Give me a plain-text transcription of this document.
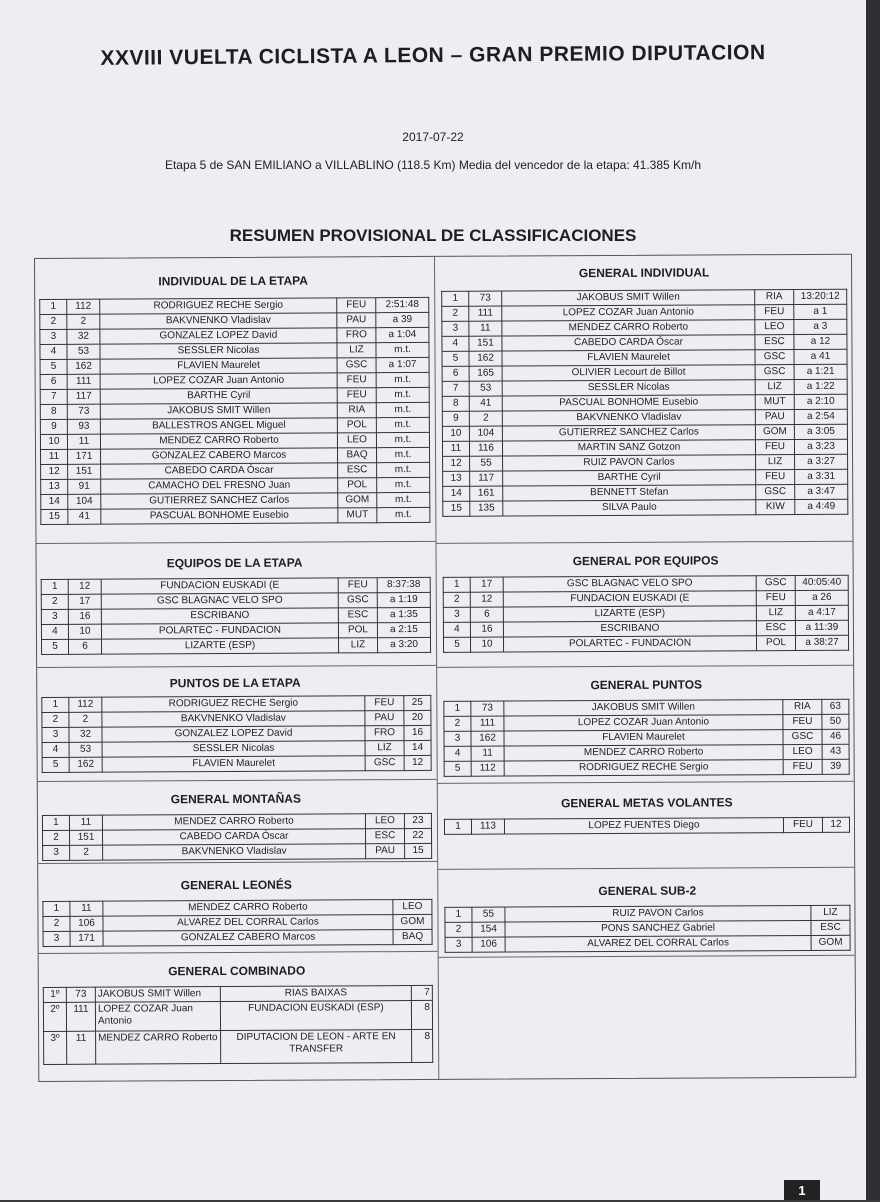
XXVIII VUELTA CICLISTA A LEON – GRAN PREMIO DIPUTACION
2017-07-22
Etapa 5 de SAN EMILIANO a VILLABLINO (118.5 Km) Media del vencedor de la etapa: 41.385 Km/h
RESUMEN PROVISIONAL DE CLASSIFICACIONES
INDIVIDUAL DE LA ETAPA
1	112	RODRIGUEZ RECHE Sergio	FEU	2:51:48
2	2	BAKVNENKO Vladislav	PAU	a 39
3	32	GONZALEZ LOPEZ David	FRO	a 1:04
4	53	SESSLER Nicolas	LIZ	m.t.
5	162	FLAVIEN Maurelet	GSC	a 1:07
6	111	LOPEZ COZAR Juan Antonio	FEU	m.t.
7	117	BARTHE Cyril	FEU	m.t.
8	73	JAKOBUS SMIT Willen	RIA	m.t.
9	93	BALLESTROS ANGEL Miguel	POL	m.t.
10	11	MENDEZ CARRO Roberto	LEO	m.t.
11	171	GONZALEZ CABERO Marcos	BAQ	m.t.
12	151	CABEDO CARDA Óscar	ESC	m.t.
13	91	CAMACHO DEL FRESNO Juan	POL	m.t.
14	104	GUTIERREZ SANCHEZ Carlos	GOM	m.t.
15	41	PASCUAL BONHOME Eusebio	MUT	m.t.
GENERAL INDIVIDUAL
1	73	JAKOBUS SMIT Willen	RIA	13:20:12
2	111	LOPEZ COZAR Juan Antonio	FEU	a 1
3	11	MENDEZ CARRO Roberto	LEO	a 3
4	151	CABEDO CARDA Óscar	ESC	a 12
5	162	FLAVIEN Maurelet	GSC	a 41
6	165	OLIVIER Lecourt de Billot	GSC	a 1:21
7	53	SESSLER Nicolas	LIZ	a 1:22
8	41	PASCUAL BONHOME Eusebio	MUT	a 2:10
9	2	BAKVNENKO Vladislav	PAU	a 2:54
10	104	GUTIERREZ SANCHEZ Carlos	GOM	a 3:05
11	116	MARTIN SANZ Gotzon	FEU	a 3:23
12	55	RUIZ PAVON Carlos	LIZ	a 3:27
13	117	BARTHE Cyril	FEU	a 3:31
14	161	BENNETT Stefan	GSC	a 3:47
15	135	SILVA Paulo	KIW	a 4:49
EQUIPOS DE LA ETAPA
1	12	FUNDACION EUSKADI (E	FEU	8:37:38
2	17	GSC BLAGNAC VELO SPO	GSC	a 1:19
3	16	ESCRIBANO	ESC	a 1:35
4	10	POLARTEC - FUNDACION	POL	a 2:15
5	6	LIZARTE (ESP)	LIZ	a 3:20
GENERAL POR EQUIPOS
1	17	GSC BLAGNAC VELO SPO	GSC	40:05:40
2	12	FUNDACION EUSKADI (E	FEU	a 26
3	6	LIZARTE (ESP)	LIZ	a 4:17
4	16	ESCRIBANO	ESC	a 11:39
5	10	POLARTEC - FUNDACION	POL	a 38:27
PUNTOS DE LA ETAPA
1	112	RODRIGUEZ RECHE Sergio	FEU	25
2	2	BAKVNENKO Vladislav	PAU	20
3	32	GONZALEZ LOPEZ David	FRO	16
4	53	SESSLER Nicolas	LIZ	14
5	162	FLAVIEN Maurelet	GSC	12
GENERAL PUNTOS
1	73	JAKOBUS SMIT Willen	RIA	63
2	111	LOPEZ COZAR Juan Antonio	FEU	50
3	162	FLAVIEN Maurelet	GSC	46
4	11	MENDEZ CARRO Roberto	LEO	43
5	112	RODRIGUEZ RECHE Sergio	FEU	39
GENERAL MONTAÑAS
1	11	MENDEZ CARRO Roberto	LEO	23
2	151	CABEDO CARDA Óscar	ESC	22
3	2	BAKVNENKO Vladislav	PAU	15
GENERAL METAS VOLANTES
1	113	LOPEZ FUENTES Diego	FEU	12
GENERAL LEONÉS
1	11	MENDEZ CARRO Roberto	LEO
2	106	ALVAREZ DEL CORRAL Carlos	GOM
3	171	GONZALEZ CABERO Marcos	BAQ
GENERAL SUB-2
1	55	RUIZ PAVON Carlos	LIZ
2	154	PONS SANCHEZ Gabriel	ESC
3	106	ALVAREZ DEL CORRAL Carlos	GOM
GENERAL COMBINADO
1º	73	JAKOBUS SMIT Willen	RIAS BAIXAS	7
2º	111	LOPEZ COZAR Juan Antonio	FUNDACION EUSKADI (ESP)	8
3º	11	MENDEZ CARRO Roberto	DIPUTACION DE LEON - ARTE EN TRANSFER	8
1
